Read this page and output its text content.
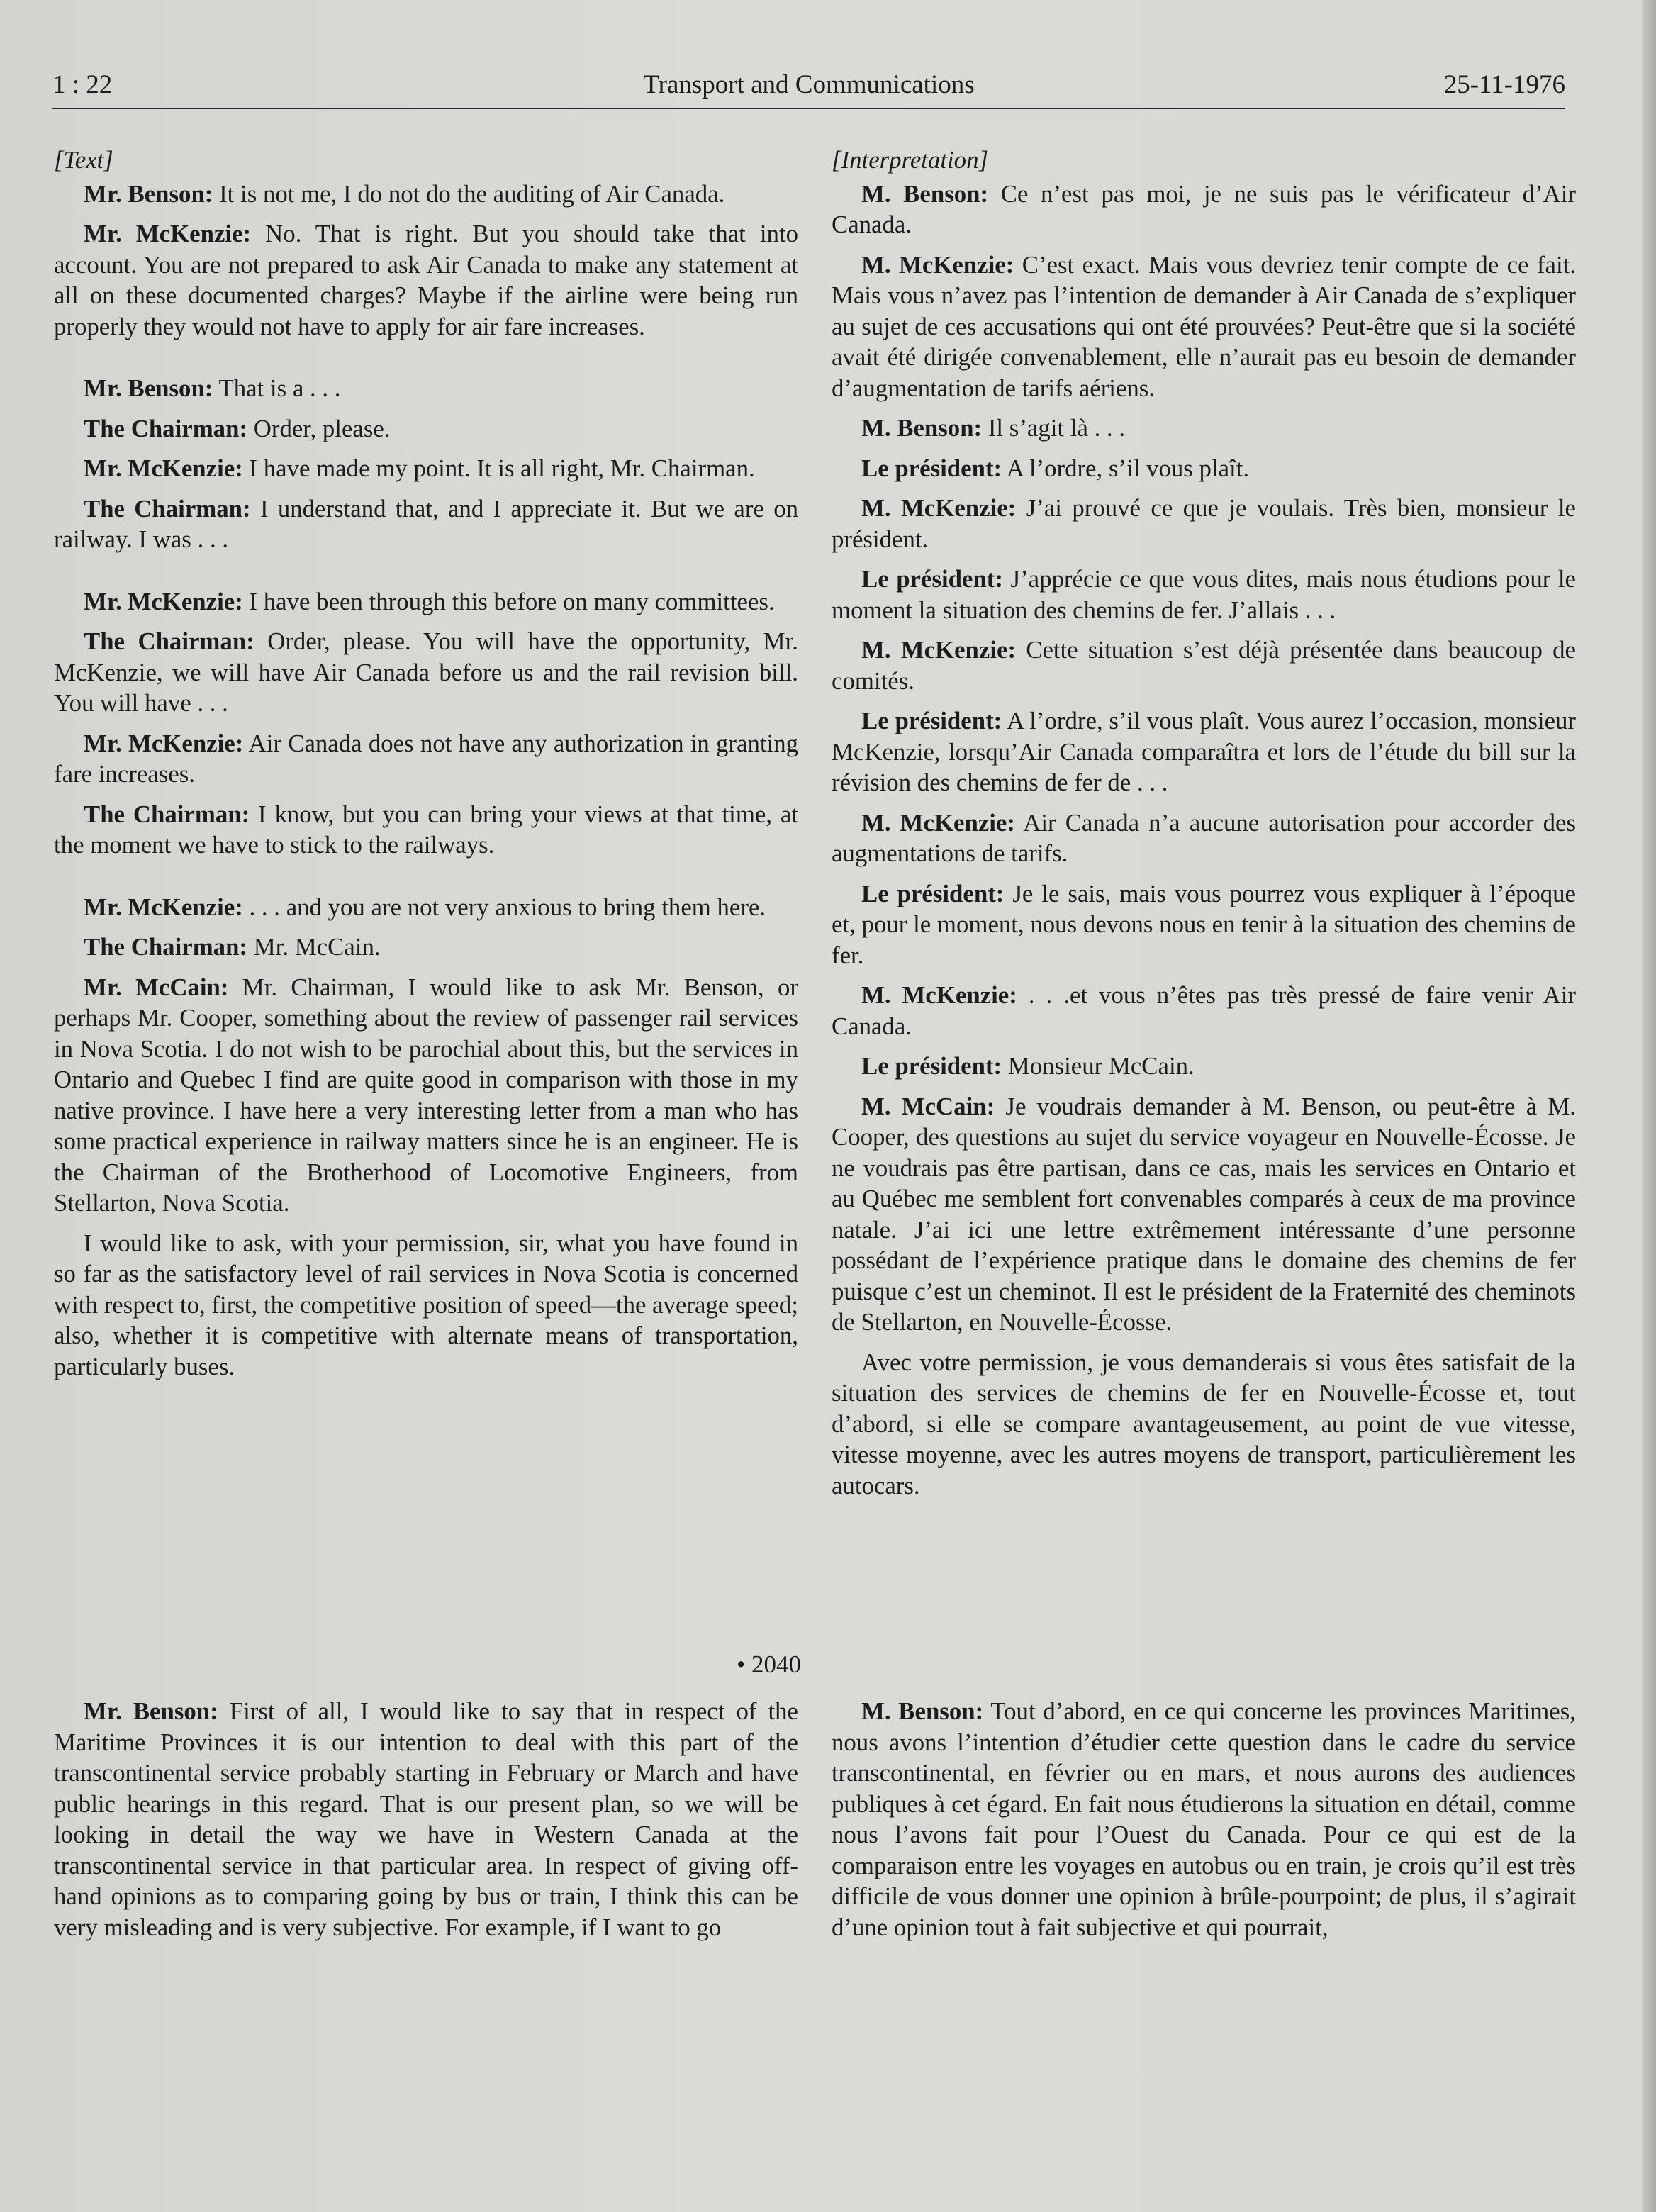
1 : 22	Transport and Communications	25-11-1976

[Text]

Mr. Benson: It is not me, I do not do the auditing of Air Canada.

Mr. McKenzie: No. That is right. But you should take that into account. You are not prepared to ask Air Canada to make any statement at all on these documented charges? Maybe if the airline were being run properly they would not have to apply for air fare increases.

Mr. Benson: That is a . . .

The Chairman: Order, please.

Mr. McKenzie: I have made my point. It is all right, Mr. Chairman.

The Chairman: I understand that, and I appreciate it. But we are on railway. I was . . .

Mr. McKenzie: I have been through this before on many committees.

The Chairman: Order, please. You will have the opportunity, Mr. McKenzie, we will have Air Canada before us and the rail revision bill. You will have . . .

Mr. McKenzie: Air Canada does not have any authorization in granting fare increases.

The Chairman: I know, but you can bring your views at that time, at the moment we have to stick to the railways.

Mr. McKenzie: . . . and you are not very anxious to bring them here.

The Chairman: Mr. McCain.

Mr. McCain: Mr. Chairman, I would like to ask Mr. Benson, or perhaps Mr. Cooper, something about the review of passenger rail services in Nova Scotia. I do not wish to be parochial about this, but the services in Ontario and Quebec I find are quite good in comparison with those in my native province. I have here a very interesting letter from a man who has some practical experience in railway matters since he is an engineer. He is the Chairman of the Brotherhood of Locomotive Engineers, from Stellarton, Nova Scotia.

I would like to ask, with your permission, sir, what you have found in so far as the satisfactory level of rail services in Nova Scotia is concerned with respect to, first, the competitive position of speed—the average speed; also, whether it is competitive with alternate means of transportation, particularly buses.

[Interpretation]

M. Benson: Ce n’est pas moi, je ne suis pas le vérificateur d’Air Canada.

M. McKenzie: C’est exact. Mais vous devriez tenir compte de ce fait. Mais vous n’avez pas l’intention de demander à Air Canada de s’expliquer au sujet de ces accusations qui ont été prouvées? Peut-être que si la société avait été dirigée convenablement, elle n’aurait pas eu besoin de demander d’augmentation de tarifs aériens.

M. Benson: Il s’agit là . . .

Le président: A l’ordre, s’il vous plaît.

M. McKenzie: J’ai prouvé ce que je voulais. Très bien, monsieur le président.

Le président: J’apprécie ce que vous dites, mais nous étudions pour le moment la situation des chemins de fer. J’allais . . .

M. McKenzie: Cette situation s’est déjà présentée dans beaucoup de comités.

Le président: A l’ordre, s’il vous plaît. Vous aurez l’occasion, monsieur McKenzie, lorsqu’Air Canada comparaîtra et lors de l’étude du bill sur la révision des chemins de fer de . . .

M. McKenzie: Air Canada n’a aucune autorisation pour accorder des augmentations de tarifs.

Le président: Je le sais, mais vous pourrez vous expliquer à l’époque et, pour le moment, nous devons nous en tenir à la situation des chemins de fer.

M. McKenzie: . . .et vous n’êtes pas très pressé de faire venir Air Canada.

Le président: Monsieur McCain.

M. McCain: Je voudrais demander à M. Benson, ou peut-être à M. Cooper, des questions au sujet du service voyageur en Nouvelle-Écosse. Je ne voudrais pas être partisan, dans ce cas, mais les services en Ontario et au Québec me semblent fort convenables comparés à ceux de ma province natale. J’ai ici une lettre extrêmement intéressante d’une personne possédant de l’expérience pratique dans le domaine des chemins de fer puisque c’est un cheminot. Il est le président de la Fraternité des cheminots de Stellarton, en Nouvelle-Écosse.

Avec votre permission, je vous demanderais si vous êtes satisfait de la situation des services de chemins de fer en Nouvelle-Écosse et, tout d’abord, si elle se compare avantageusement, au point de vue vitesse, vitesse moyenne, avec les autres moyens de transport, particulièrement les autocars.

• 2040

Mr. Benson: First of all, I would like to say that in respect of the Maritime Provinces it is our intention to deal with this part of the transcontinental service probably starting in February or March and have public hearings in this regard. That is our present plan, so we will be looking in detail the way we have in Western Canada at the transcontinental service in that particular area. In respect of giving off-hand opinions as to comparing going by bus or train, I think this can be very misleading and is very subjective. For example, if I want to go

M. Benson: Tout d’abord, en ce qui concerne les provinces Maritimes, nous avons l’intention d’étudier cette question dans le cadre du service transcontinental, en février ou en mars, et nous aurons des audiences publiques à cet égard. En fait nous étudierons la situation en détail, comme nous l’avons fait pour l’Ouest du Canada. Pour ce qui est de la comparaison entre les voyages en autobus ou en train, je crois qu’il est très difficile de vous donner une opinion à brûle-pourpoint; de plus, il s’agirait d’une opinion tout à fait subjective et qui pourrait,
